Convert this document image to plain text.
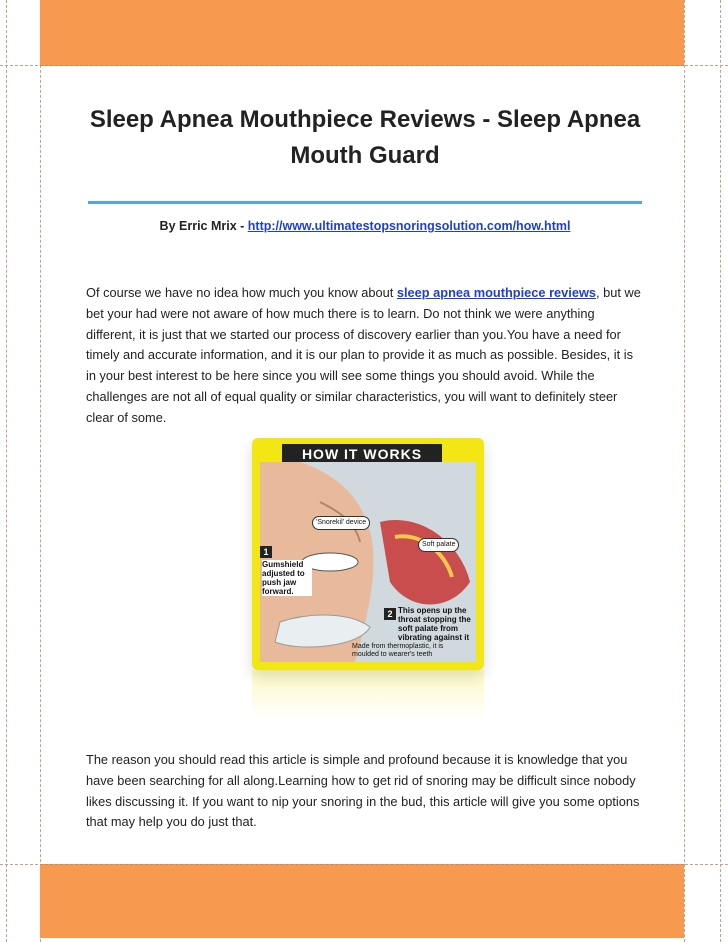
Sleep Apnea Mouthpiece Reviews - Sleep Apnea Mouth Guard
By Erric Mrix - http://www.ultimatestopsnoringsolution.com/how.html
Of course we have no idea how much you know about sleep apnea mouthpiece reviews, but we bet your had were not aware of how much there is to learn. Do not think we were anything different, it is just that we started our process of discovery earlier than you.You have a need for timely and accurate information, and it is our plan to provide it as much as possible. Besides, it is in your best interest to be here since you will see some things you should avoid. While the challenges are not all of equal quality or similar characteristics, you will want to definitely steer clear of some.
HOW IT WORKS
'Snorekil' device
Soft palate
1
Gumshield adjusted to push jaw forward.
2 This opens up the throat stopping the soft palate from vibrating against it
Made from thermoplastic, it is moulded to wearer's teeth
The reason you should read this article is simple and profound because it is knowledge that you have been searching for all along.Learning how to get rid of snoring may be difficult since nobody likes discussing it. If you want to nip your snoring in the bud, this article will give you some options that may help you do just that.
